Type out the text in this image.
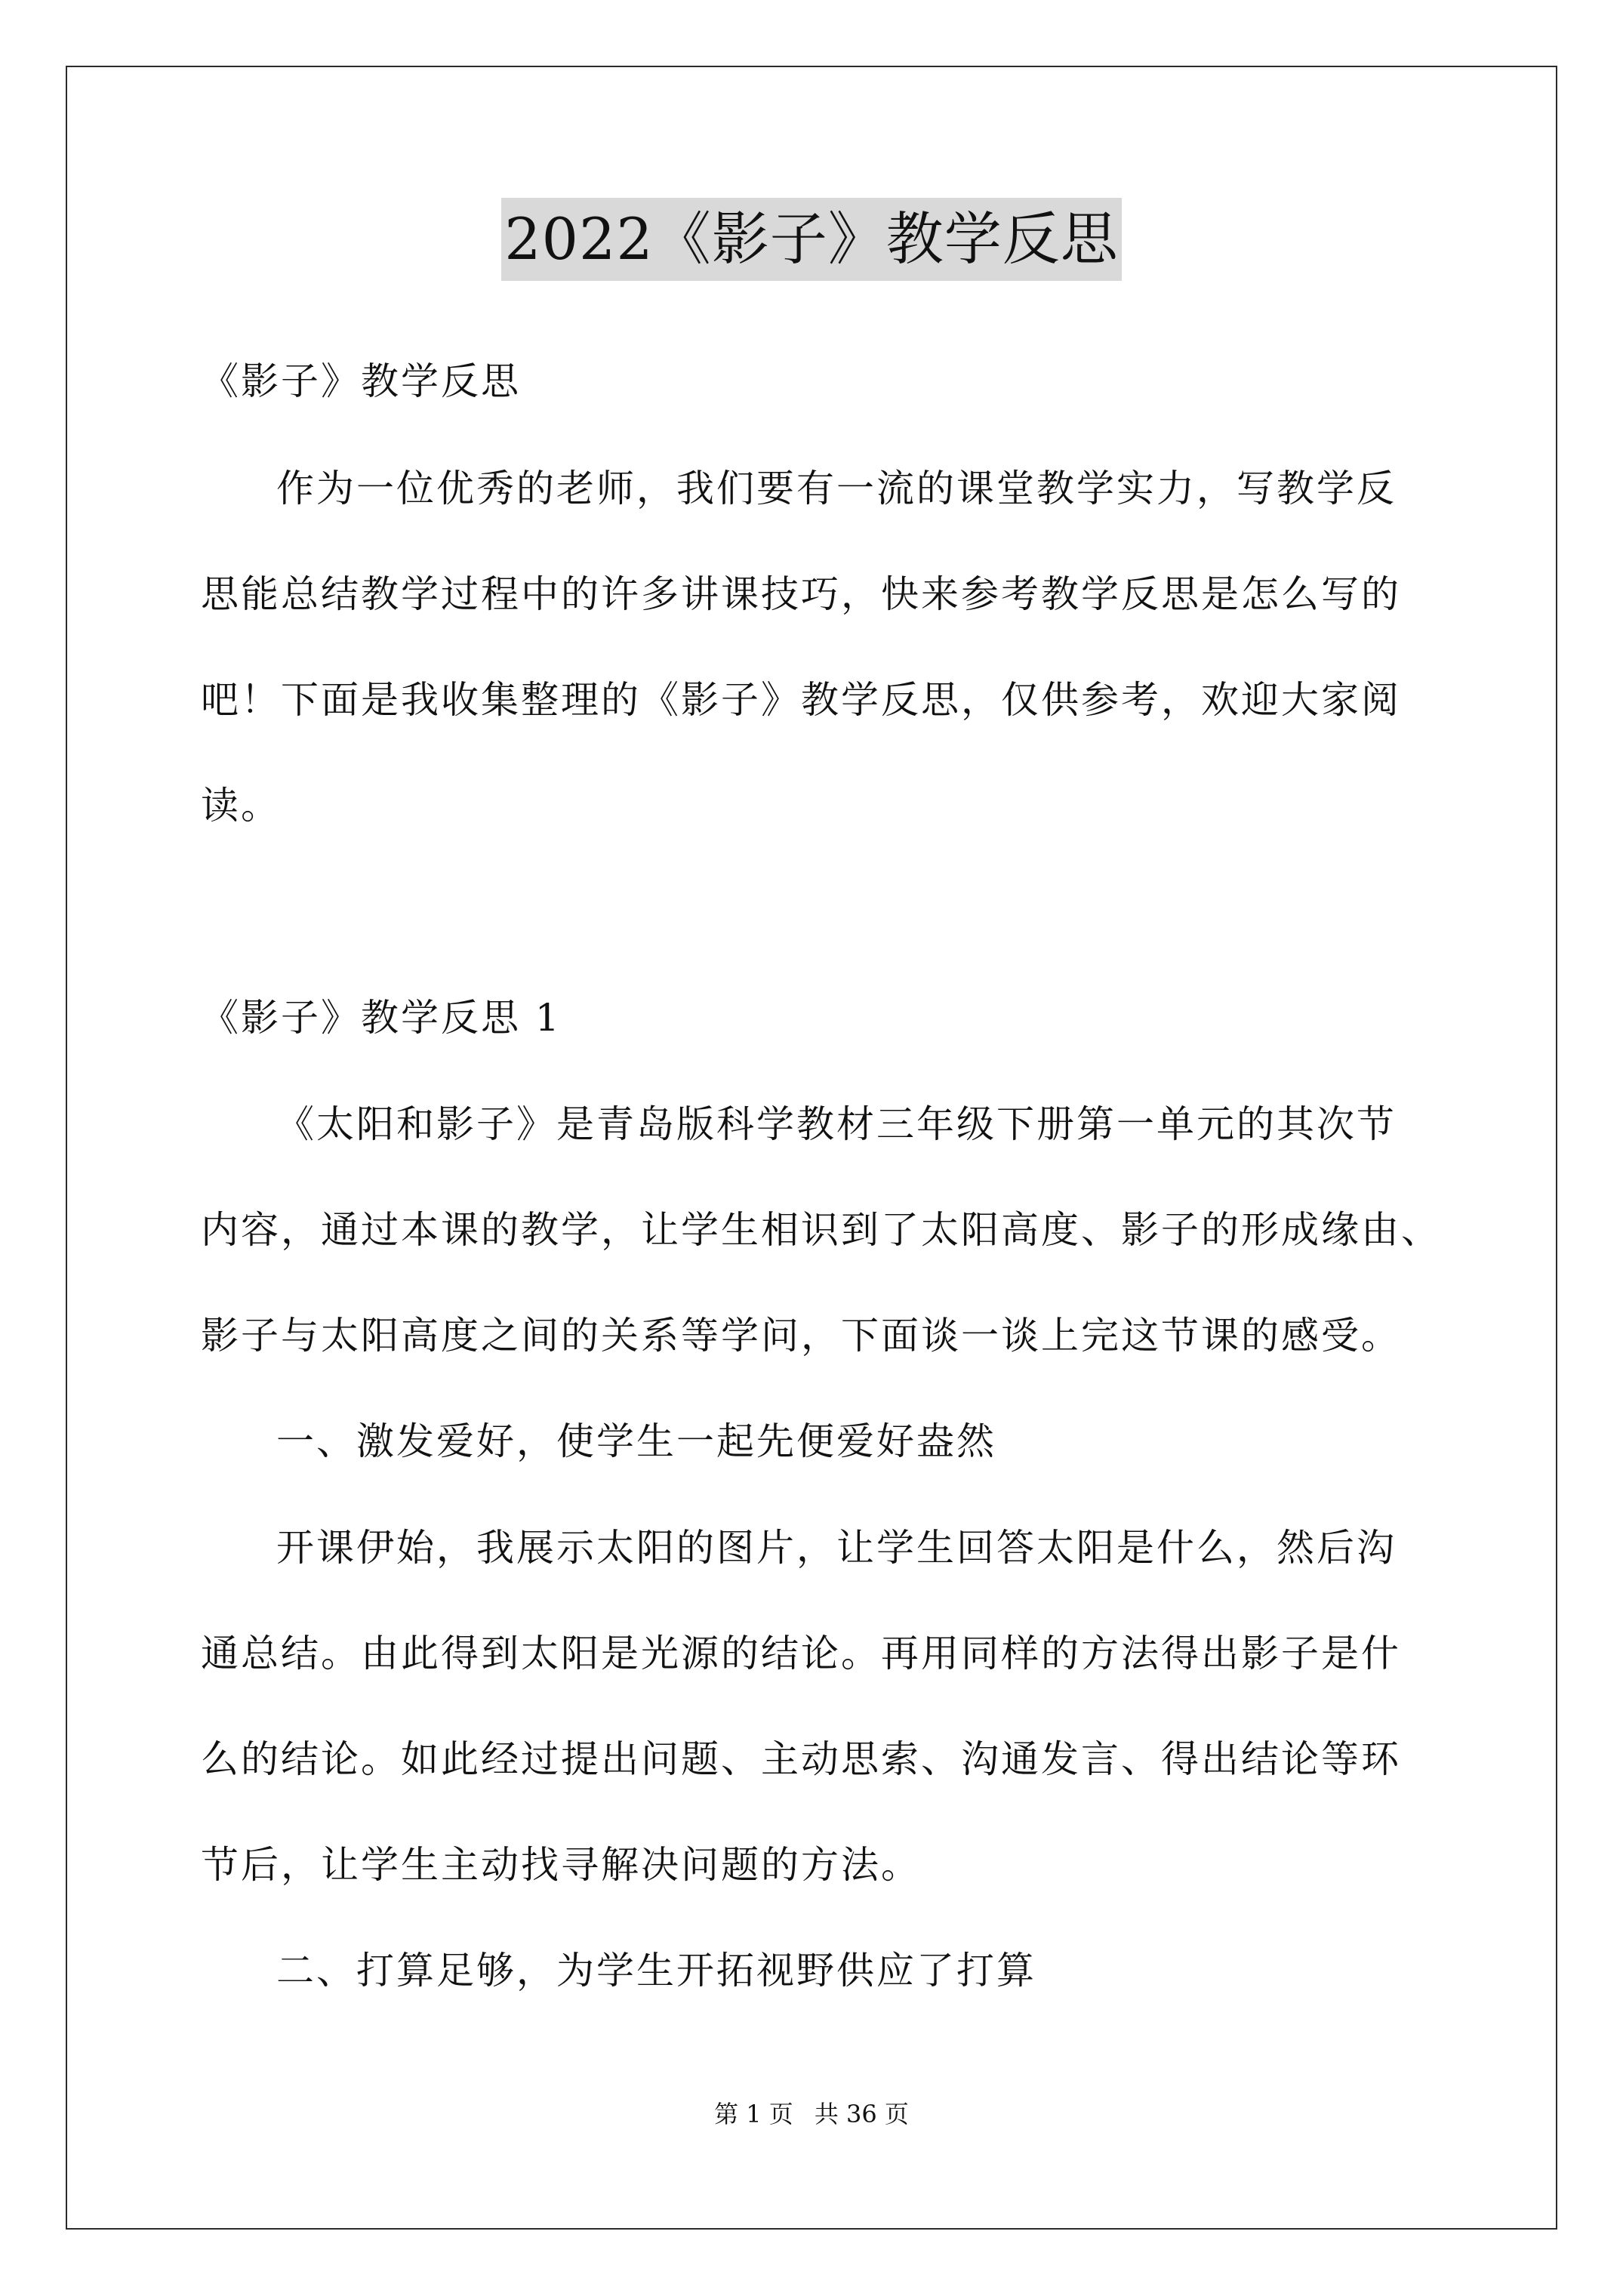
2022《影子》教学反思
《影子》教学反思
作为一位优秀的老师，我们要有一流的课堂教学实力，写教学反
思能总结教学过程中的许多讲课技巧，快来参考教学反思是怎么写的
吧！下面是我收集整理的《影子》教学反思，仅供参考，欢迎大家阅
读。
《影子》教学反思 1
《太阳和影子》是青岛版科学教材三年级下册第一单元的其次节
内容，通过本课的教学，让学生相识到了太阳高度、影子的形成缘由、
影子与太阳高度之间的关系等学问，下面谈一谈上完这节课的感受。
一、激发爱好，使学生一起先便爱好盎然
开课伊始，我展示太阳的图片，让学生回答太阳是什么，然后沟
通总结。由此得到太阳是光源的结论。再用同样的方法得出影子是什
么的结论。如此经过提出问题、主动思索、沟通发言、得出结论等环
节后，让学生主动找寻解决问题的方法。
二、打算足够，为学生开拓视野供应了打算
第 1 页 共 36 页
